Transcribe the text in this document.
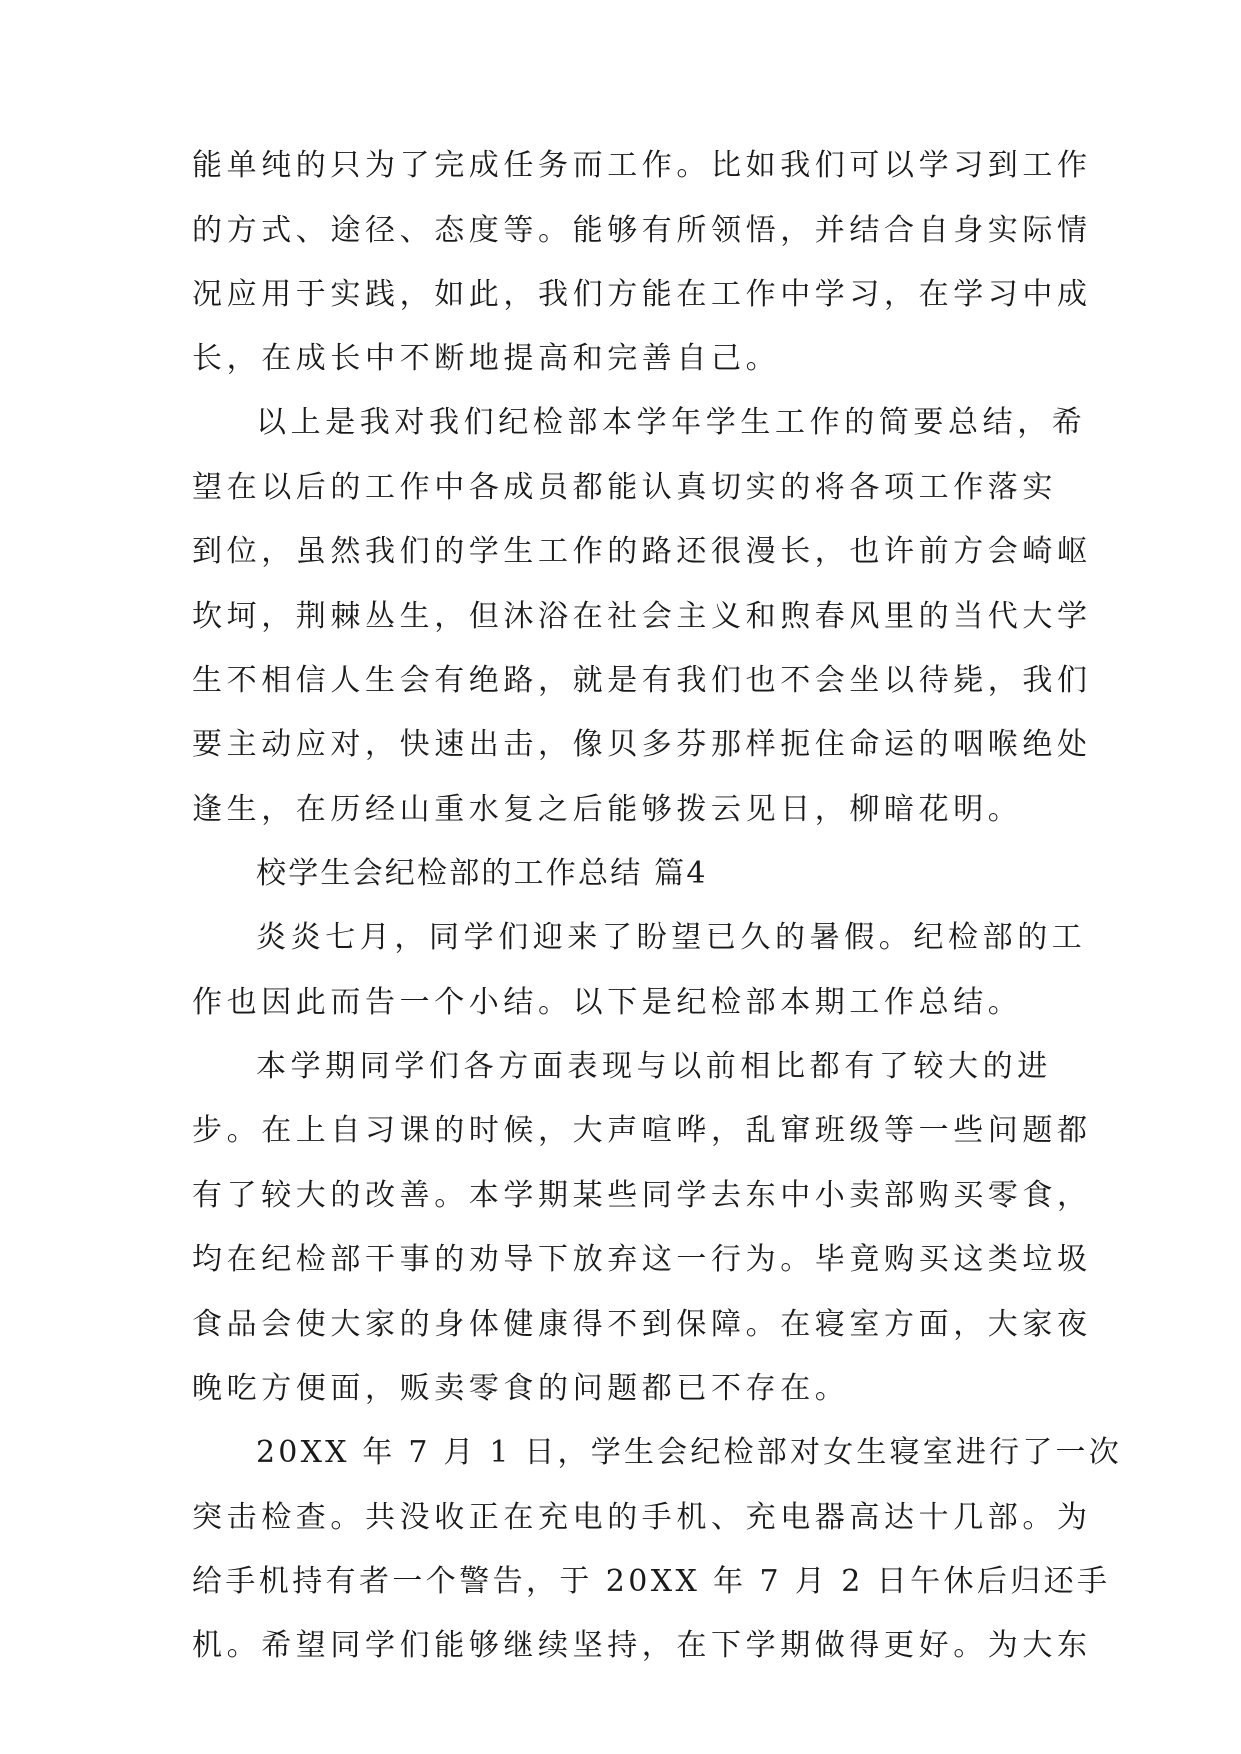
能单纯的只为了完成任务而工作。比如我们可以学习到工作
的方式、途径、态度等。能够有所领悟，并结合自身实际情
况应用于实践，如此，我们方能在工作中学习，在学习中成
长，在成长中不断地提高和完善自己。
以上是我对我们纪检部本学年学生工作的简要总结，希
望在以后的工作中各成员都能认真切实的将各项工作落实
到位，虽然我们的学生工作的路还很漫长，也许前方会崎岖
坎坷，荆棘丛生，但沐浴在社会主义和煦春风里的当代大学
生不相信人生会有绝路，就是有我们也不会坐以待毙，我们
要主动应对，快速出击，像贝多芬那样扼住命运的咽喉绝处
逢生，在历经山重水复之后能够拨云见日，柳暗花明。
校学生会纪检部的工作总结 篇4
炎炎七月，同学们迎来了盼望已久的暑假。纪检部的工
作也因此而告一个小结。以下是纪检部本期工作总结。
本学期同学们各方面表现与以前相比都有了较大的进
步。在上自习课的时候，大声喧哗，乱窜班级等一些问题都
有了较大的改善。本学期某些同学去东中小卖部购买零食，
均在纪检部干事的劝导下放弃这一行为。毕竟购买这类垃圾
食品会使大家的身体健康得不到保障。在寝室方面，大家夜
晚吃方便面，贩卖零食的问题都已不存在。
20XX 年 7 月 1 日，学生会纪检部对女生寝室进行了一次
突击检查。共没收正在充电的手机、充电器高达十几部。为
给手机持有者一个警告，于 20XX 年 7 月 2 日午休后归还手
机。希望同学们能够继续坚持，在下学期做得更好。为大东
